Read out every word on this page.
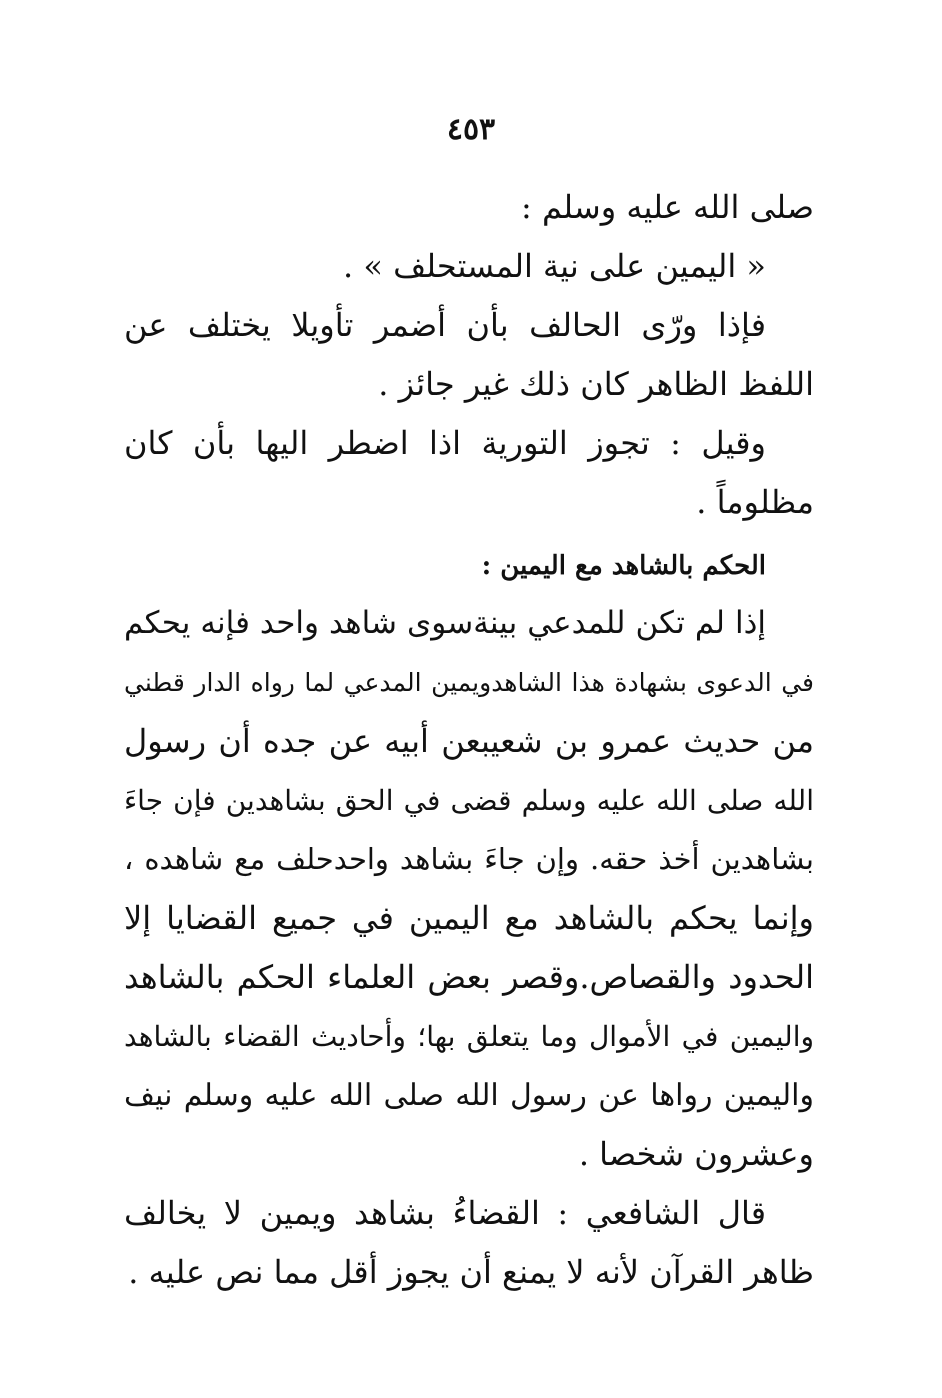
٤٥٣
صلى الله عليه وسلم :
« اليمين على نية المستحلف » .
فإذا ورّى الحالف بأن أضمر تأويلا يختلف عن
اللفظ الظاهر كان ذلك غير جائز .
وقيل : تجوز التورية اذا اضطر اليها بأن كان
مظلوماً .
الحكم بالشاهد مع اليمين :
إذا لم تكن للمدعي بينةسوى شاهد واحد فإنه يحكم
في الدعوى بشهادة هذا الشاهدويمين المدعي لما رواه الدار قطني
من حديث عمرو بن شعيبعن أبيه عن جده أن رسول
الله صلى الله عليه وسلم قضى في الحق بشاهدين فإن جاءَ
بشاهدين أخذ حقه. وإن جاءَ بشاهد واحدحلف مع شاهده ،
وإنما يحكم بالشاهد مع اليمين في جميع القضايا إلا
الحدود والقصاص.وقصر بعض العلماء الحكم بالشاهد
واليمين في الأموال وما يتعلق بها؛ وأحاديث القضاء بالشاهد
واليمين رواها عن رسول الله صلى الله عليه وسلم نيف
وعشرون شخصا .
قال الشافعي : القضاءُ بشاهد ويمين لا يخالف
ظاهر القرآن لأنه لا يمنع أن يجوز أقل مما نص عليه .
